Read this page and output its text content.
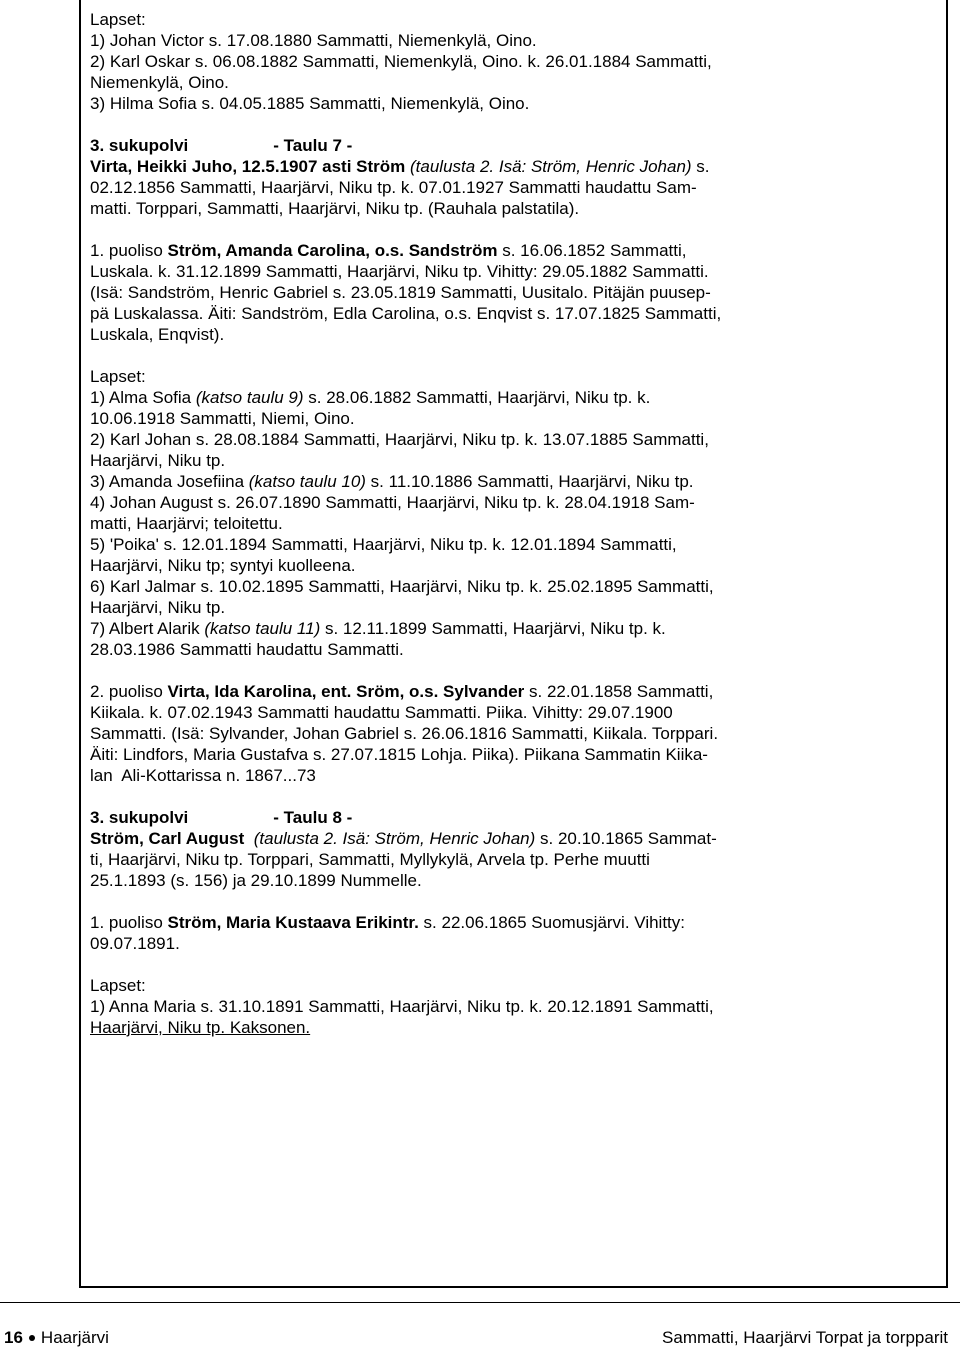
Lapset:
1) Johan Victor s. 17.08.1880 Sammatti, Niemenkylä, Oino.
2) Karl Oskar s. 06.08.1882 Sammatti, Niemenkylä, Oino. k. 26.01.1884 Sammatti,
Niemenkylä, Oino.
3) Hilma Sofia s. 04.05.1885 Sammatti, Niemenkylä, Oino.
3. sukupolvi                  - Taulu 7 -
Virta, Heikki Juho, 12.5.1907 asti Ström (taulusta 2. Isä: Ström, Henric Johan) s.
02.12.1856 Sammatti, Haarjärvi, Niku tp. k. 07.01.1927 Sammatti haudattu Sam-
matti. Torppari, Sammatti, Haarjärvi, Niku tp. (Rauhala palstatila).
1. puoliso Ström, Amanda Carolina, o.s. Sandström s. 16.06.1852 Sammatti,
Luskala. k. 31.12.1899 Sammatti, Haarjärvi, Niku tp. Vihitty: 29.05.1882 Sammatti.
(Isä: Sandström, Henric Gabriel s. 23.05.1819 Sammatti, Uusitalo. Pitäjän puusep-
pä Luskalassa. Äiti: Sandström, Edla Carolina, o.s. Enqvist s. 17.07.1825 Sammatti,
Luskala, Enqvist).
Lapset:
1) Alma Sofia (katso taulu 9) s. 28.06.1882 Sammatti, Haarjärvi, Niku tp. k.
10.06.1918 Sammatti, Niemi, Oino.
2) Karl Johan s. 28.08.1884 Sammatti, Haarjärvi, Niku tp. k. 13.07.1885 Sammatti,
Haarjärvi, Niku tp.
3) Amanda Josefiina (katso taulu 10) s. 11.10.1886 Sammatti, Haarjärvi, Niku tp.
4) Johan August s. 26.07.1890 Sammatti, Haarjärvi, Niku tp. k. 28.04.1918 Sam-
matti, Haarjärvi; teloitettu.
5) 'Poika' s. 12.01.1894 Sammatti, Haarjärvi, Niku tp. k. 12.01.1894 Sammatti,
Haarjärvi, Niku tp; syntyi kuolleena.
6) Karl Jalmar s. 10.02.1895 Sammatti, Haarjärvi, Niku tp. k. 25.02.1895 Sammatti,
Haarjärvi, Niku tp.
7) Albert Alarik (katso taulu 11) s. 12.11.1899 Sammatti, Haarjärvi, Niku tp. k.
28.03.1986 Sammatti haudattu Sammatti.
2. puoliso Virta, Ida Karolina, ent. Sröm, o.s. Sylvander s. 22.01.1858 Sammatti,
Kiikala. k. 07.02.1943 Sammatti haudattu Sammatti. Piika. Vihitty: 29.07.1900
Sammatti. (Isä: Sylvander, Johan Gabriel s. 26.06.1816 Sammatti, Kiikala. Torppari.
Äiti: Lindfors, Maria Gustafva s. 27.07.1815 Lohja. Piika). Piikana Sammatin Kiika-
lan  Ali-Kottarissa n. 1867...73
3. sukupolvi                  - Taulu 8 -
Ström, Carl August (taulusta 2. Isä: Ström, Henric Johan) s. 20.10.1865 Sammat-
ti, Haarjärvi, Niku tp. Torppari, Sammatti, Myllykylä, Arvela tp. Perhe muutti
25.1.1893 (s. 156) ja 29.10.1899 Nummelle.
1. puoliso Ström, Maria Kustaava Erikintr. s. 22.06.1865 Suomusjärvi. Vihitty:
09.07.1891.
Lapset:
1) Anna Maria s. 31.10.1891 Sammatti, Haarjärvi, Niku tp. k. 20.12.1891 Sammatti,
Haarjärvi, Niku tp. Kaksonen.
16 Haarjärvi	Sammatti, Haarjärvi Torpat ja torpparit
